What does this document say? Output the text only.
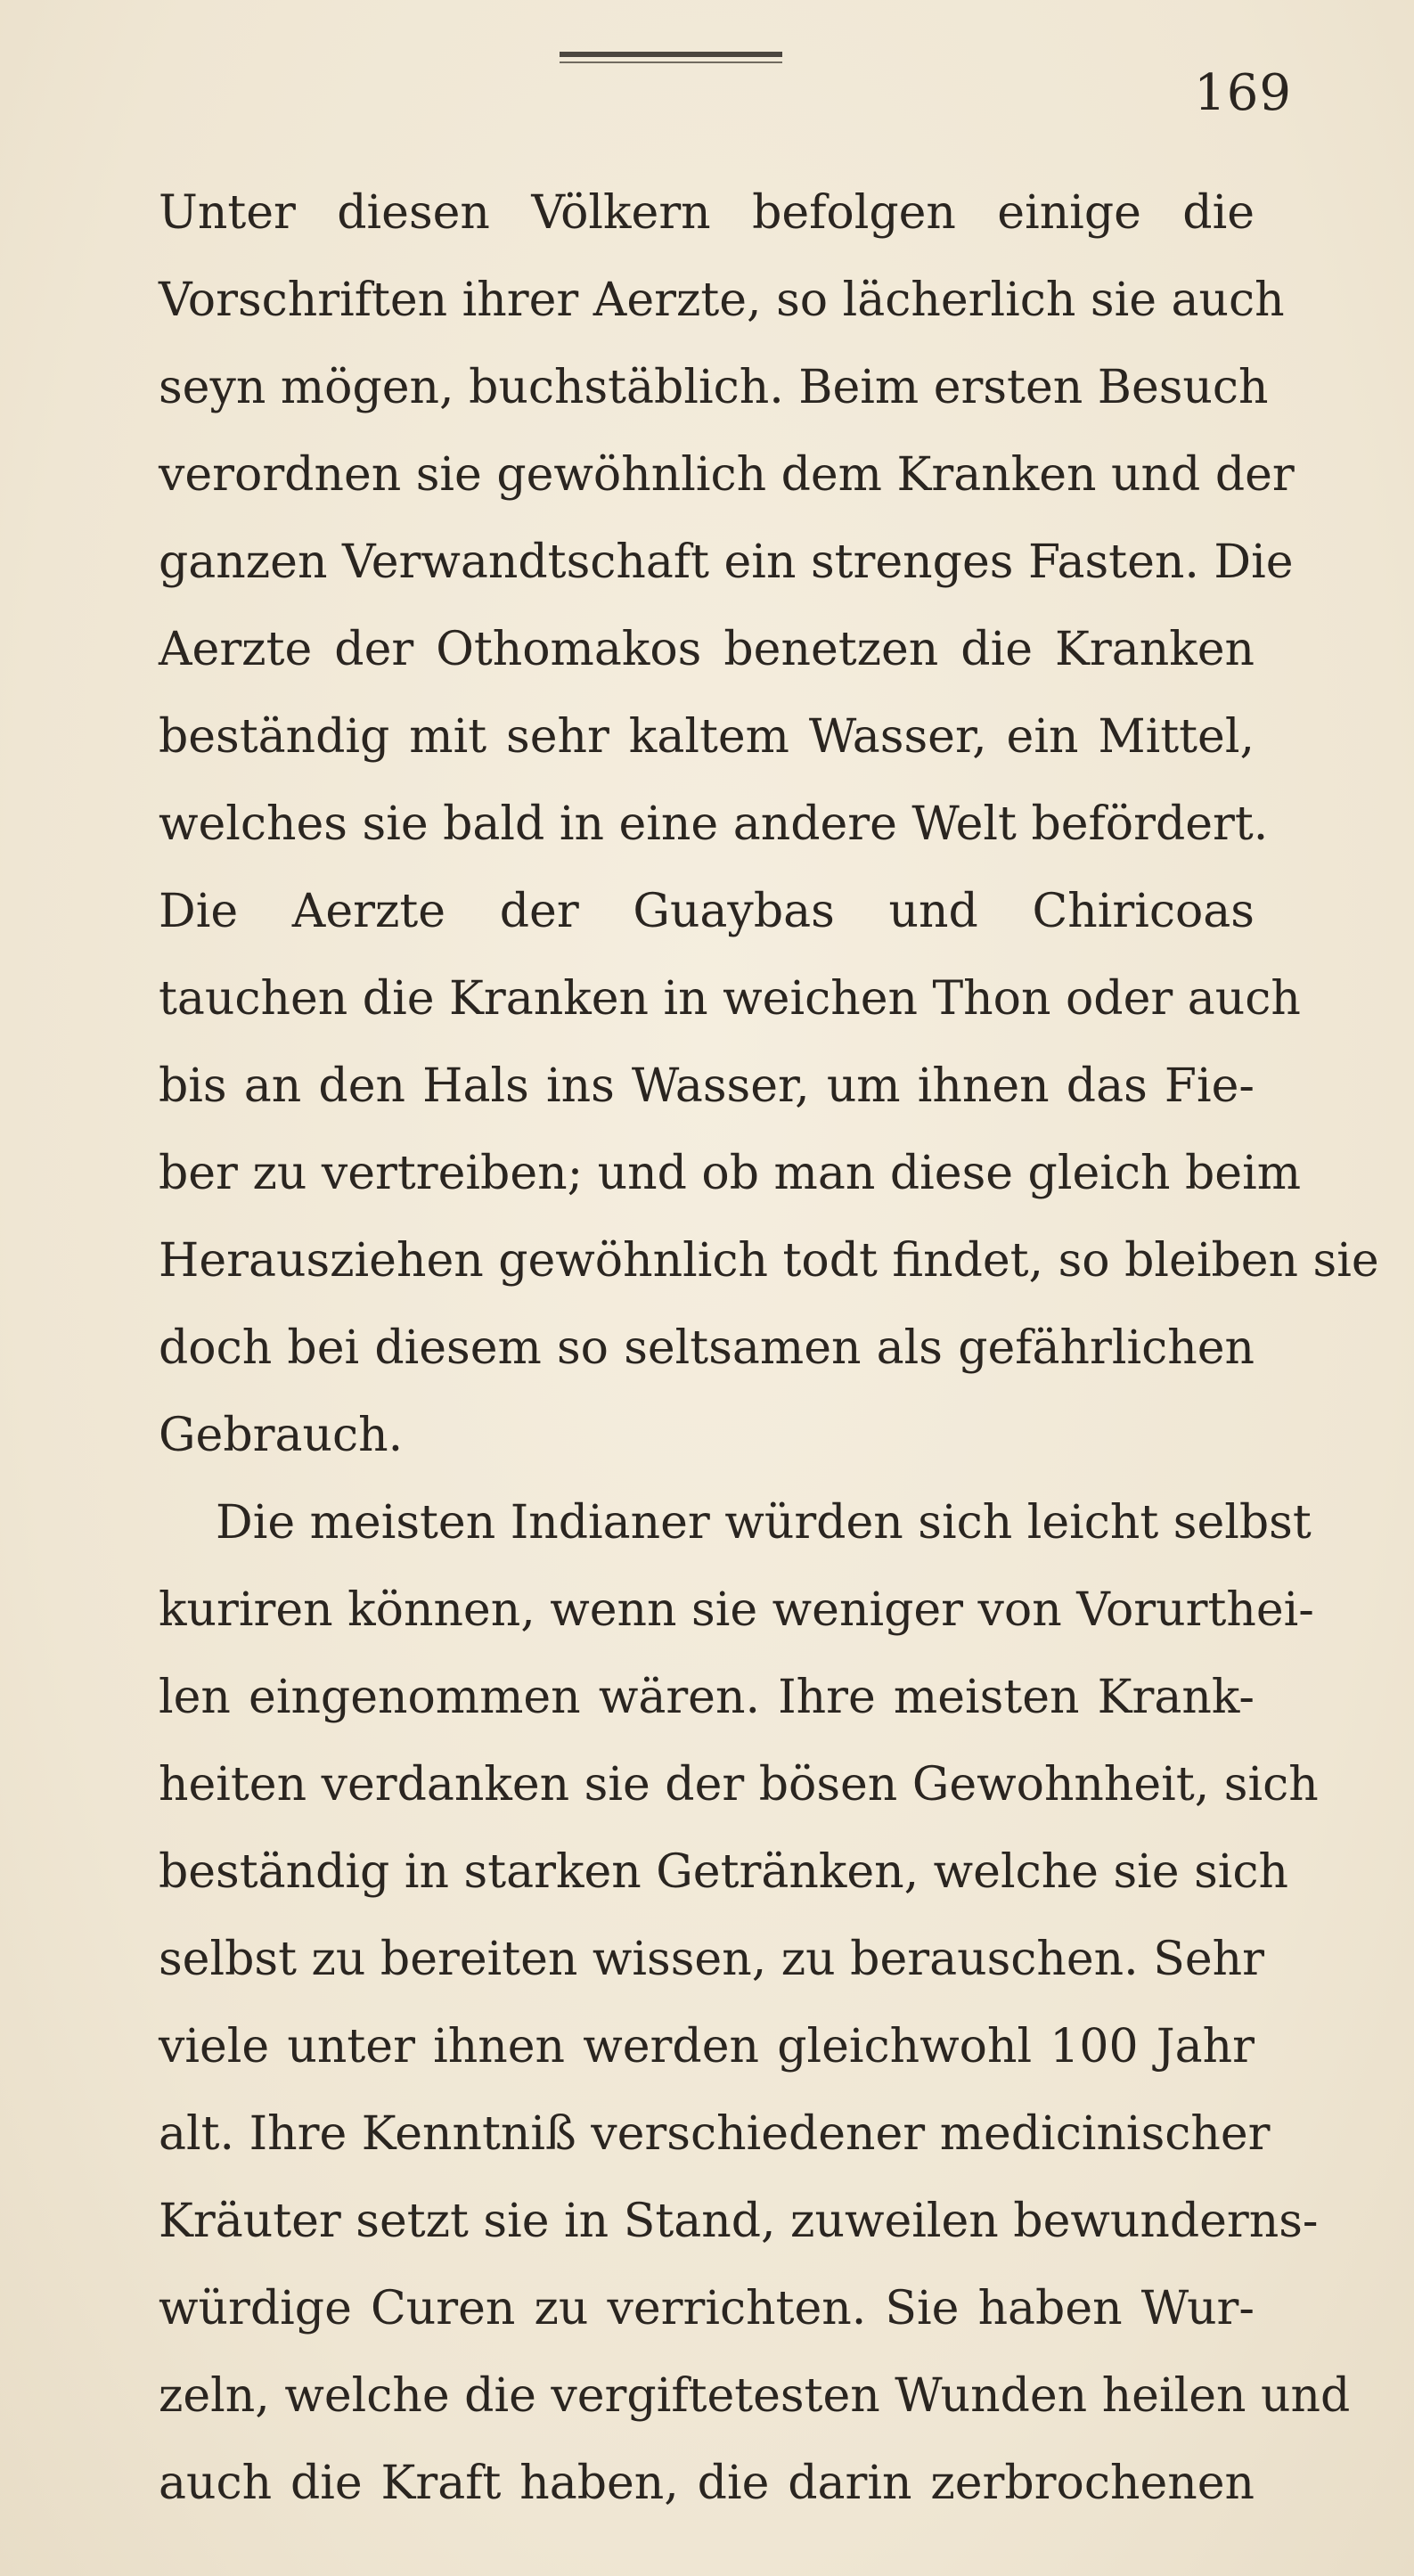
169
Unter diesen Völkern befolgen einige die
Vorschriften ihrer Aerzte, so lächerlich sie auch
seyn mögen, buchstäblich. Beim ersten Besuch
verordnen sie gewöhnlich dem Kranken und der
ganzen Verwandtschaft ein strenges Fasten. Die
Aerzte der Othomakos benetzen die Kranken
beständig mit sehr kaltem Wasser, ein Mittel,
welches sie bald in eine andere Welt befördert.
Die Aerzte der Guaybas und Chiricoas
tauchen die Kranken in weichen Thon oder auch
bis an den Hals ins Wasser, um ihnen das Fie-
ber zu vertreiben; und ob man diese gleich beim
Herausziehen gewöhnlich todt findet, so bleiben sie
doch bei diesem so seltsamen als gefährlichen
Gebrauch.
Die meisten Indianer würden sich leicht selbst
kuriren können, wenn sie weniger von Vorurthei-
len eingenommen wären. Ihre meisten Krank-
heiten verdanken sie der bösen Gewohnheit, sich
beständig in starken Getränken, welche sie sich
selbst zu bereiten wissen, zu berauschen. Sehr
viele unter ihnen werden gleichwohl 100 Jahr
alt. Ihre Kenntniß verschiedener medicinischer
Kräuter setzt sie in Stand, zuweilen bewunderns-
würdige Curen zu verrichten. Sie haben Wur-
zeln, welche die vergiftetesten Wunden heilen und
auch die Kraft haben, die darin zerbrochenen
